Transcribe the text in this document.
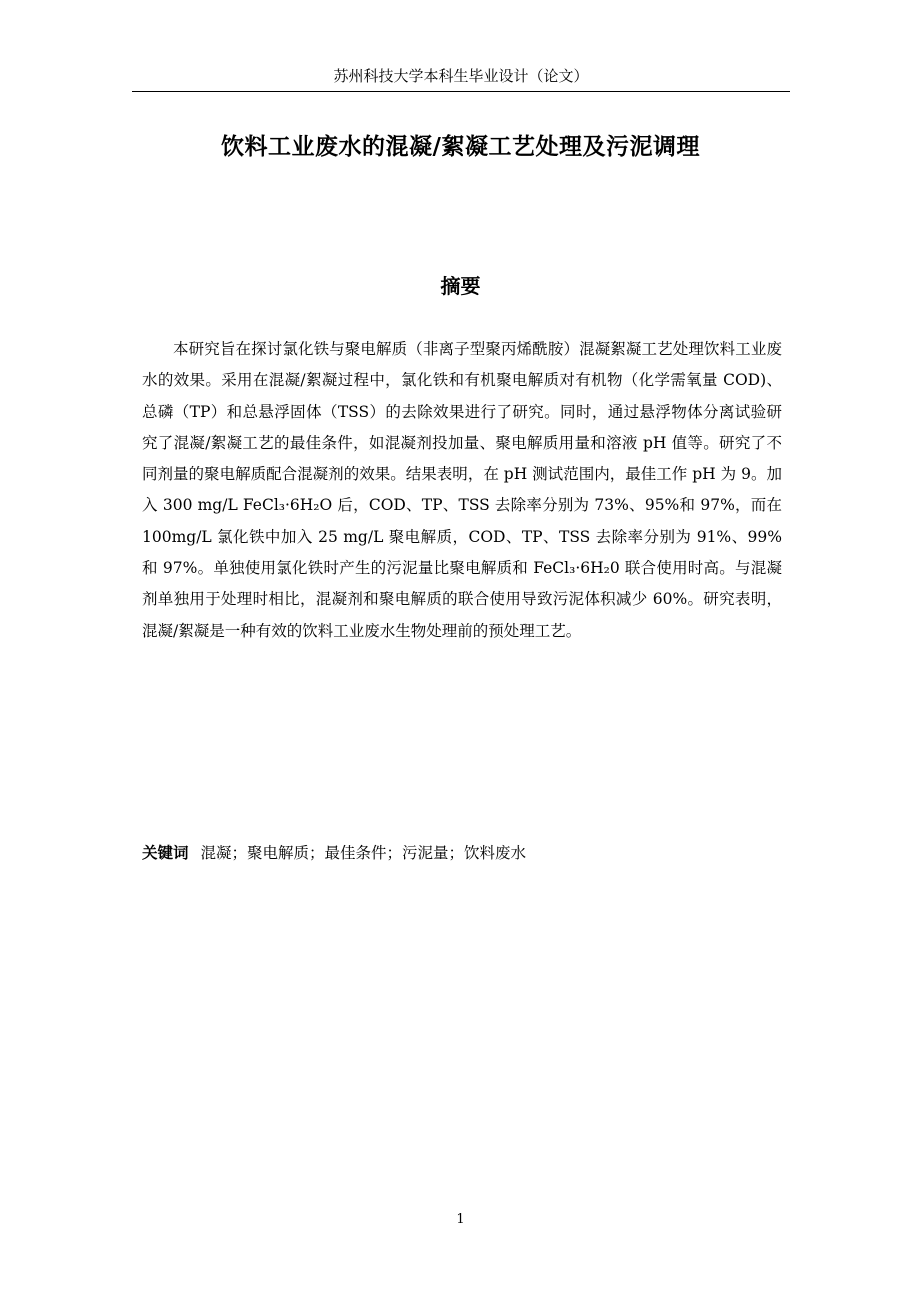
苏州科技大学本科生毕业设计（论文）
饮料工业废水的混凝/絮凝工艺处理及污泥调理
摘要

本研究旨在探讨氯化铁与聚电解质（非离子型聚丙烯酰胺）混凝絮凝工艺处理饮料工业废水的效果。采用在混凝/絮凝过程中，氯化铁和有机聚电解质对有机物（化学需氧量 COD)、总磷（TP）和总悬浮固体（TSS）的去除效果进行了研究。同时，通过悬浮物体分离试验研究了混凝/絮凝工艺的最佳条件，如混凝剂投加量、聚电解质用量和溶液 pH 值等。研究了不同剂量的聚电解质配合混凝剂的效果。结果表明，在 pH 测试范围内，最佳工作 pH 为 9。加入 300 mg/L FeCl₃·6H₂O 后，COD、TP、TSS 去除率分别为 73%、95%和 97%，而在 100mg/L 氯化铁中加入 25 mg/L 聚电解质，COD、TP、TSS 去除率分别为 91%、99%和 97%。单独使用氯化铁时产生的污泥量比聚电解质和 FeCl₃·6H₂0 联合使用时高。与混凝剂单独用于处理时相比，混凝剂和聚电解质的联合使用导致污泥体积减少 60%。研究表明，混凝/絮凝是一种有效的饮料工业废水生物处理前的预处理工艺。

关键词 混凝；聚电解质；最佳条件；污泥量；饮料废水
1
